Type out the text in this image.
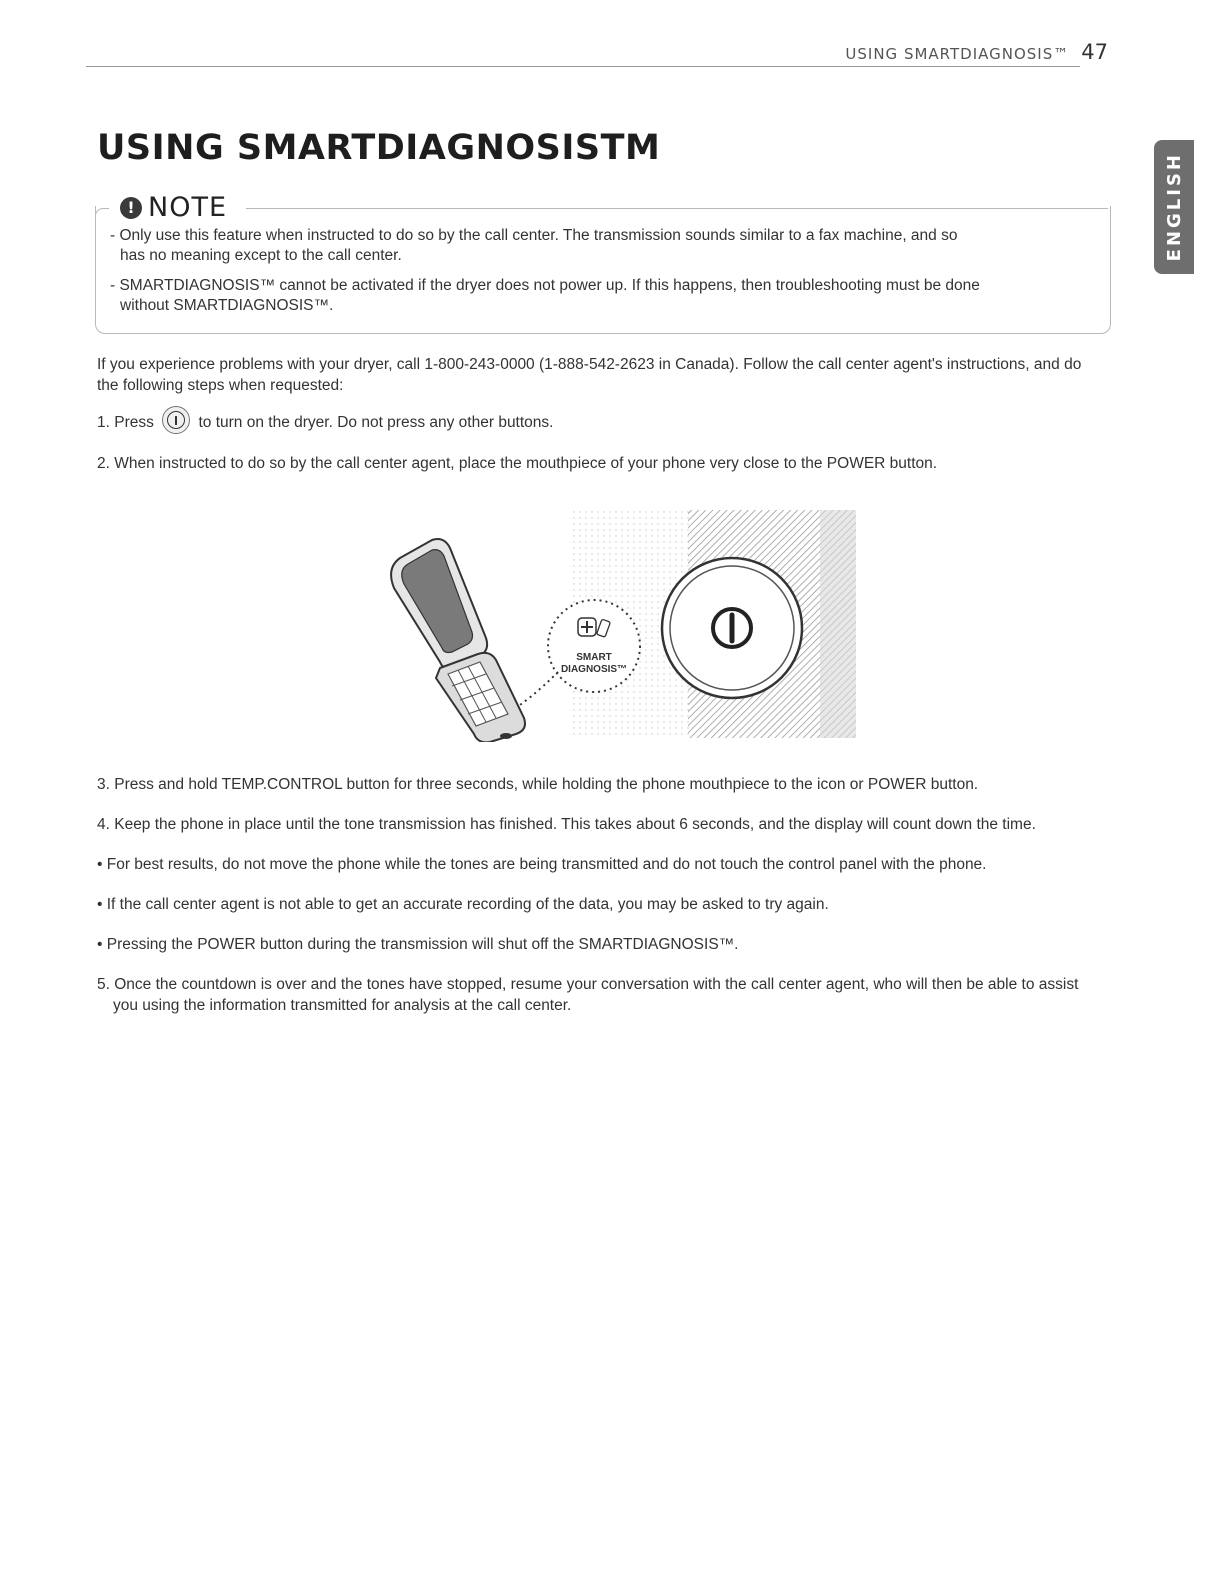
USING SMARTDIAGNOSIS™ 47
ENGLISH
USING SMARTDIAGNOSISTM
! NOTE

- Only use this feature when instructed to do so by the call center. The transmission sounds similar to a fax machine, and so has no meaning except to the call center.

- SMARTDIAGNOSIS™ cannot be activated if the dryer does not power up. If this happens, then troubleshooting must be done without SMARTDIAGNOSIS™.

If you experience problems with your dryer, call 1-800-243-0000 (1-888-542-2623 in Canada). Follow the call center agent's instructions, and do the following steps when requested:

1. Press	to turn on the dryer. Do not press any other buttons.

2. When instructed to do so by the call center agent, place the mouthpiece of your phone very close to the POWER button.

SMART
DIAGNOSIS™

3. Press and hold TEMP.CONTROL button for three seconds, while holding the phone mouthpiece to the icon or POWER button.

4. Keep the phone in place until the tone transmission has finished. This takes about 6 seconds, and the display will count down the time.

• For best results, do not move the phone while the tones are being transmitted and do not touch the control panel with the phone.

• If the call center agent is not able to get an accurate recording of the data, you may be asked to try again.

• Pressing the POWER button during the transmission will shut off the SMARTDIAGNOSIS™.

5. Once the countdown is over and the tones have stopped, resume your conversation with the call center agent, who will then be able to assist you using the information transmitted for analysis at the call center.
